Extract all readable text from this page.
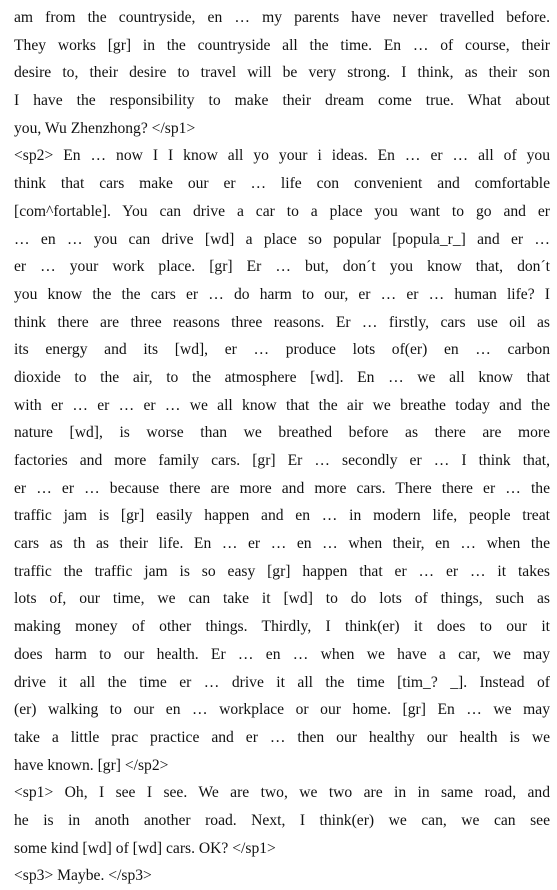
am from the countryside, en … my parents have never travelled before.
They works [gr] in the countryside all the time. En … of course, their
desire to, their desire to travel will be very strong. I think, as their son
I have the responsibility to make their dream come true. What about
you, Wu Zhenzhong? </sp1>
<sp2> En … now I I know all yo your i ideas. En … er … all of you
think that cars make our er … life con convenient and comfortable
[com^fortable]. You can drive a car to a place you want to go and er
… en … you can drive [wd] a place so popular [popula_r_] and er …
er … your work place. [gr] Er … but, don´t you know that, don´t
you know the the cars er … do harm to our, er … er … human life? I
think there are three reasons three reasons. Er … firstly, cars use oil as
its energy and its [wd], er … produce lots of(er) en … carbon
dioxide to the air, to the atmosphere [wd]. En … we all know that
with er … er … er … we all know that the air we breathe today and the
nature [wd], is worse than we breathed before as there are more
factories and more family cars. [gr] Er … secondly er … I think that,
er … er … because there are more and more cars. There there er … the
traffic jam is [gr] easily happen and en … in modern life, people treat
cars as th as their life. En … er … en … when their, en … when the
traffic the traffic jam is so easy [gr] happen that er … er … it takes
lots of, our time, we can take it [wd] to do lots of things, such as
making money of other things. Thirdly, I think(er) it does to our it
does harm to our health. Er … en … when we have a car, we may
drive it all the time er … drive it all the time [tim_? _]. Instead of
(er) walking to our en … workplace or our home. [gr] En … we may
take a little prac practice and er … then our healthy our health is we
have known. [gr] </sp2>
<sp1> Oh, I see I see. We are two, we two are in in same road, and
he is in anoth another road. Next, I think(er) we can, we can see
some kind [wd] of [wd] cars. OK? </sp1>
<sp3> Maybe. </sp3>
